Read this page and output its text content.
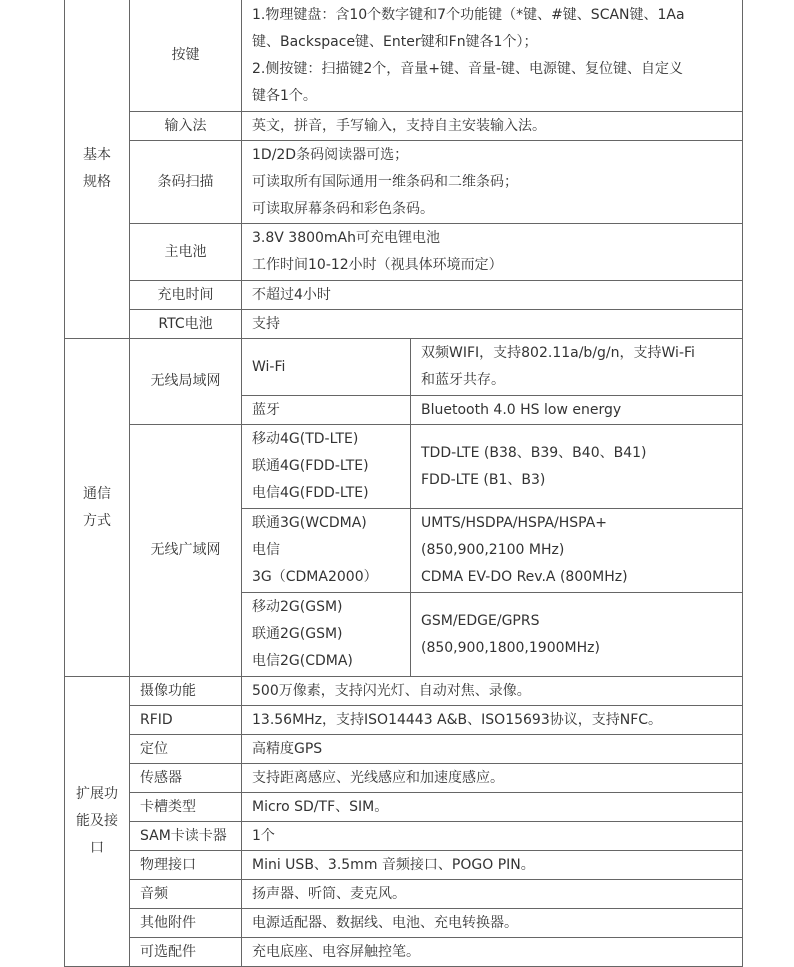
基本
规格	按键	1.物理键盘：含10个数字键和7个功能键（*键、#键、SCAN键、1Aa
键、Backspace键、Enter键和Fn键各1个）；
2.侧按键：扫描键2个，音量+键、音量-键、电源键、复位键、自定义
键各1个。	

	输入法	英文，拼音，手写输入，支持自主安装输入法。	
	条码扫描	1D/2D条码阅读器可选；
可读取所有国际通用一维条码和二维条码；
可读取屏幕条码和彩色条码。	

	主电池	3.8V 3800mAh可充电锂电池
工作时间10-12小时（视具体环境而定）	

	充电时间	不超过4小时	
	RTC电池	支持	

通信
方式	无线局域网	Wi-Fi	双频WIFI，支持802.11a/b/g/n，支持Wi-Fi
和蓝牙共存。

		蓝牙	Bluetooth 4.0 HS low energy
	无线广域网	移动4G(TD-LTE)
联通4G(FDD-LTE)
电信4G(FDD-LTE)	TDD-LTE (B38、B39、B40、B41)
FDD-LTE (B1、B3)

		联通3G(WCDMA)
电信
3G（CDMA2000）	UMTS/HSDPA/HSPA/HSPA+
(850,900,2100 MHz)
CDMA EV-DO Rev.A (800MHz)

		移动2G(GSM)
联通2G(GSM)
电信2G(CDMA)	GSM/EDGE/GPRS
(850,900,1800,1900MHz)

扩展功
能及接
口	摄像功能	500万像素，支持闪光灯、自动对焦、录像。	
	RFID	13.56MHz，支持ISO14443 A&B、ISO15693协议，支持NFC。	
	定位	高精度GPS	
	传感器	支持距离感应、光线感应和加速度感应。	
	卡槽类型	Micro SD/TF、SIM。	
	SAM卡读卡器	1个	
	物理接口	Mini USB、3.5mm 音频接口、POGO PIN。	
	音频	扬声器、听筒、麦克风。	
	其他附件	电源适配器、数据线、电池、充电转换器。	
	可选配件	充电底座、电容屏触控笔。	
